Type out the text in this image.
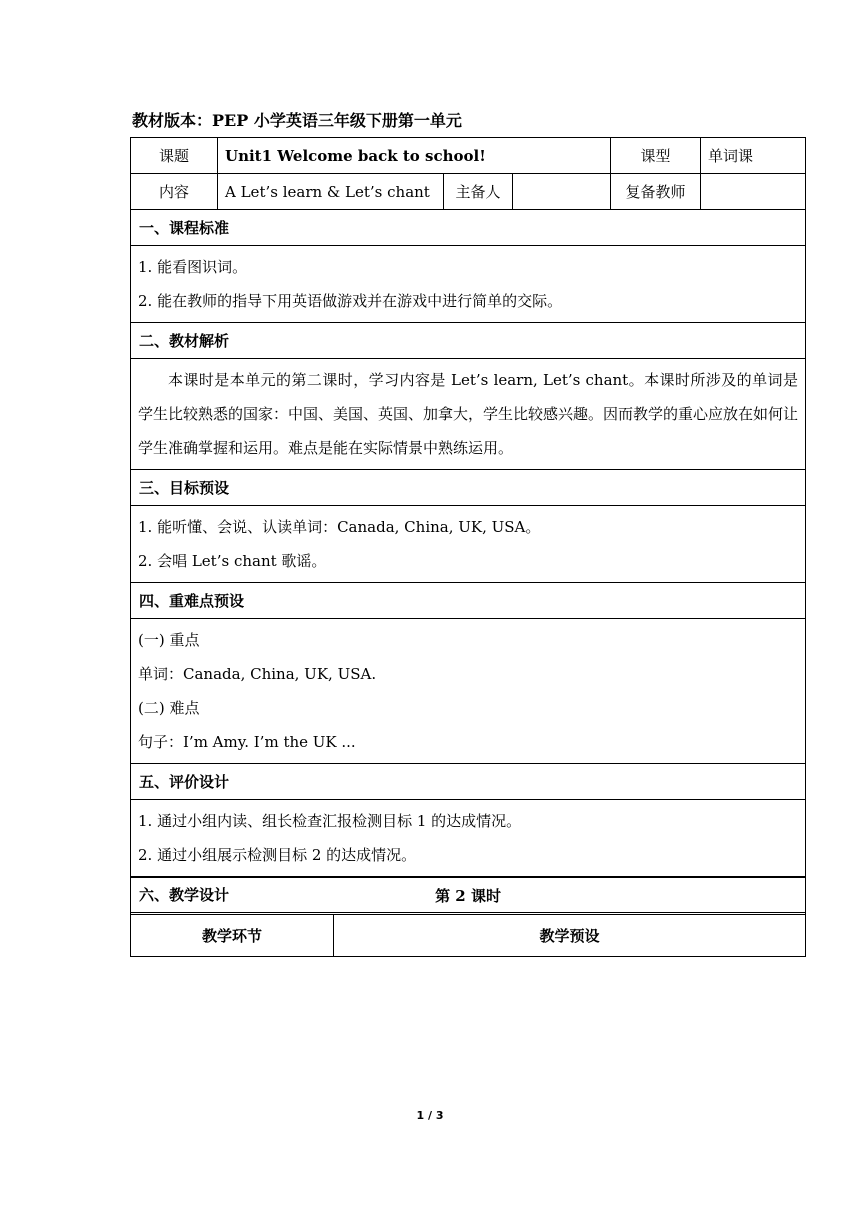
教材版本：PEP 小学英语三年级下册第一单元
课题	Unit1 Welcome back to school!			课型	单词课
内容	A Let’s learn & Let’s chant	主备人		复备教师	
一、课程标准					

1. 能看图识词。
2. 能在教师的指导下用英语做游戏并在游戏中进行简单的交际。					

二、教材解析					
本课时是本单元的第二课时，学习内容是 Let’s learn, Let’s chant。本课时所涉及的单词是学生比较熟悉的国家：中国、美国、英国、加拿大，学生比较感兴趣。因而教学的重心应放在如何让学生准确掌握和运用。难点是能在实际情景中熟练运用。					
三、目标预设					

1. 能听懂、会说、认读单词：Canada, China, UK, USA。
2. 会唱 Let’s chant 歌谣。					

四、重难点预设					

(一) 重点
单词：Canada, China, UK, USA.
(二) 难点
句子：I’m Amy. I’m the UK ...					

五、评价设计					

1. 通过小组内读、组长检查汇报检测目标 1 的达成情况。
2. 通过小组展示检测目标 2 的达成情况。					

六、教学设计						第 2 课时
教学环节	教学预设
1 / 3
